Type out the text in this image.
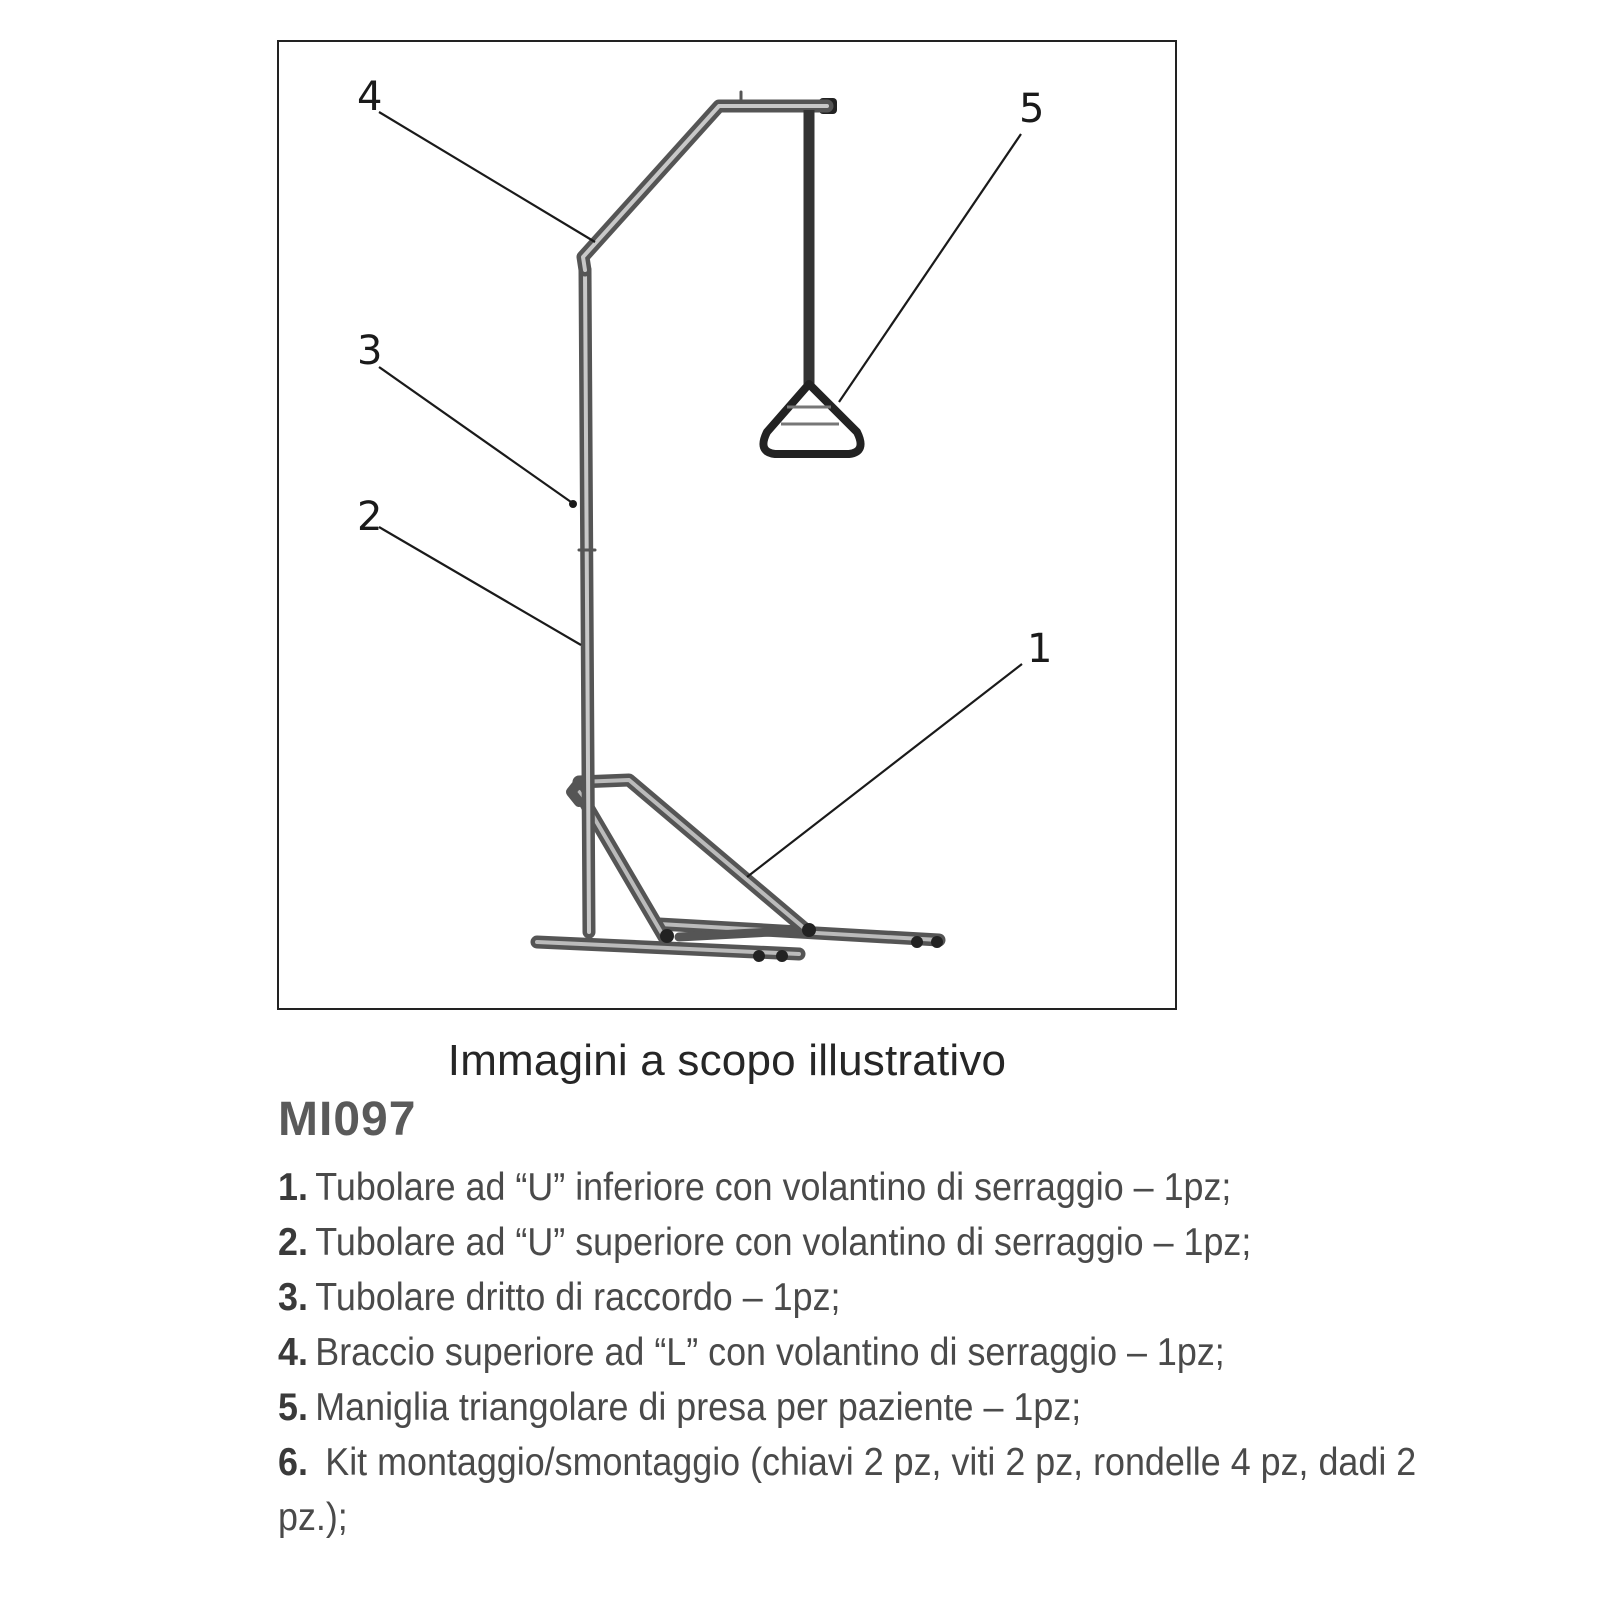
4
3
2
5
1
Immagini a scopo illustrativo
MI097
1. Tubolare ad “U” inferiore con volantino di serraggio – 1pz;
2. Tubolare ad “U” superiore con volantino di serraggio – 1pz;
3. Tubolare dritto di raccordo – 1pz;
4. Braccio superiore ad “L” con volantino di serraggio – 1pz;
5. Maniglia triangolare di presa per paziente – 1pz;
6. Kit montaggio/smontaggio (chiavi 2 pz, viti 2 pz, rondelle 4 pz, dadi 2 pz.);
